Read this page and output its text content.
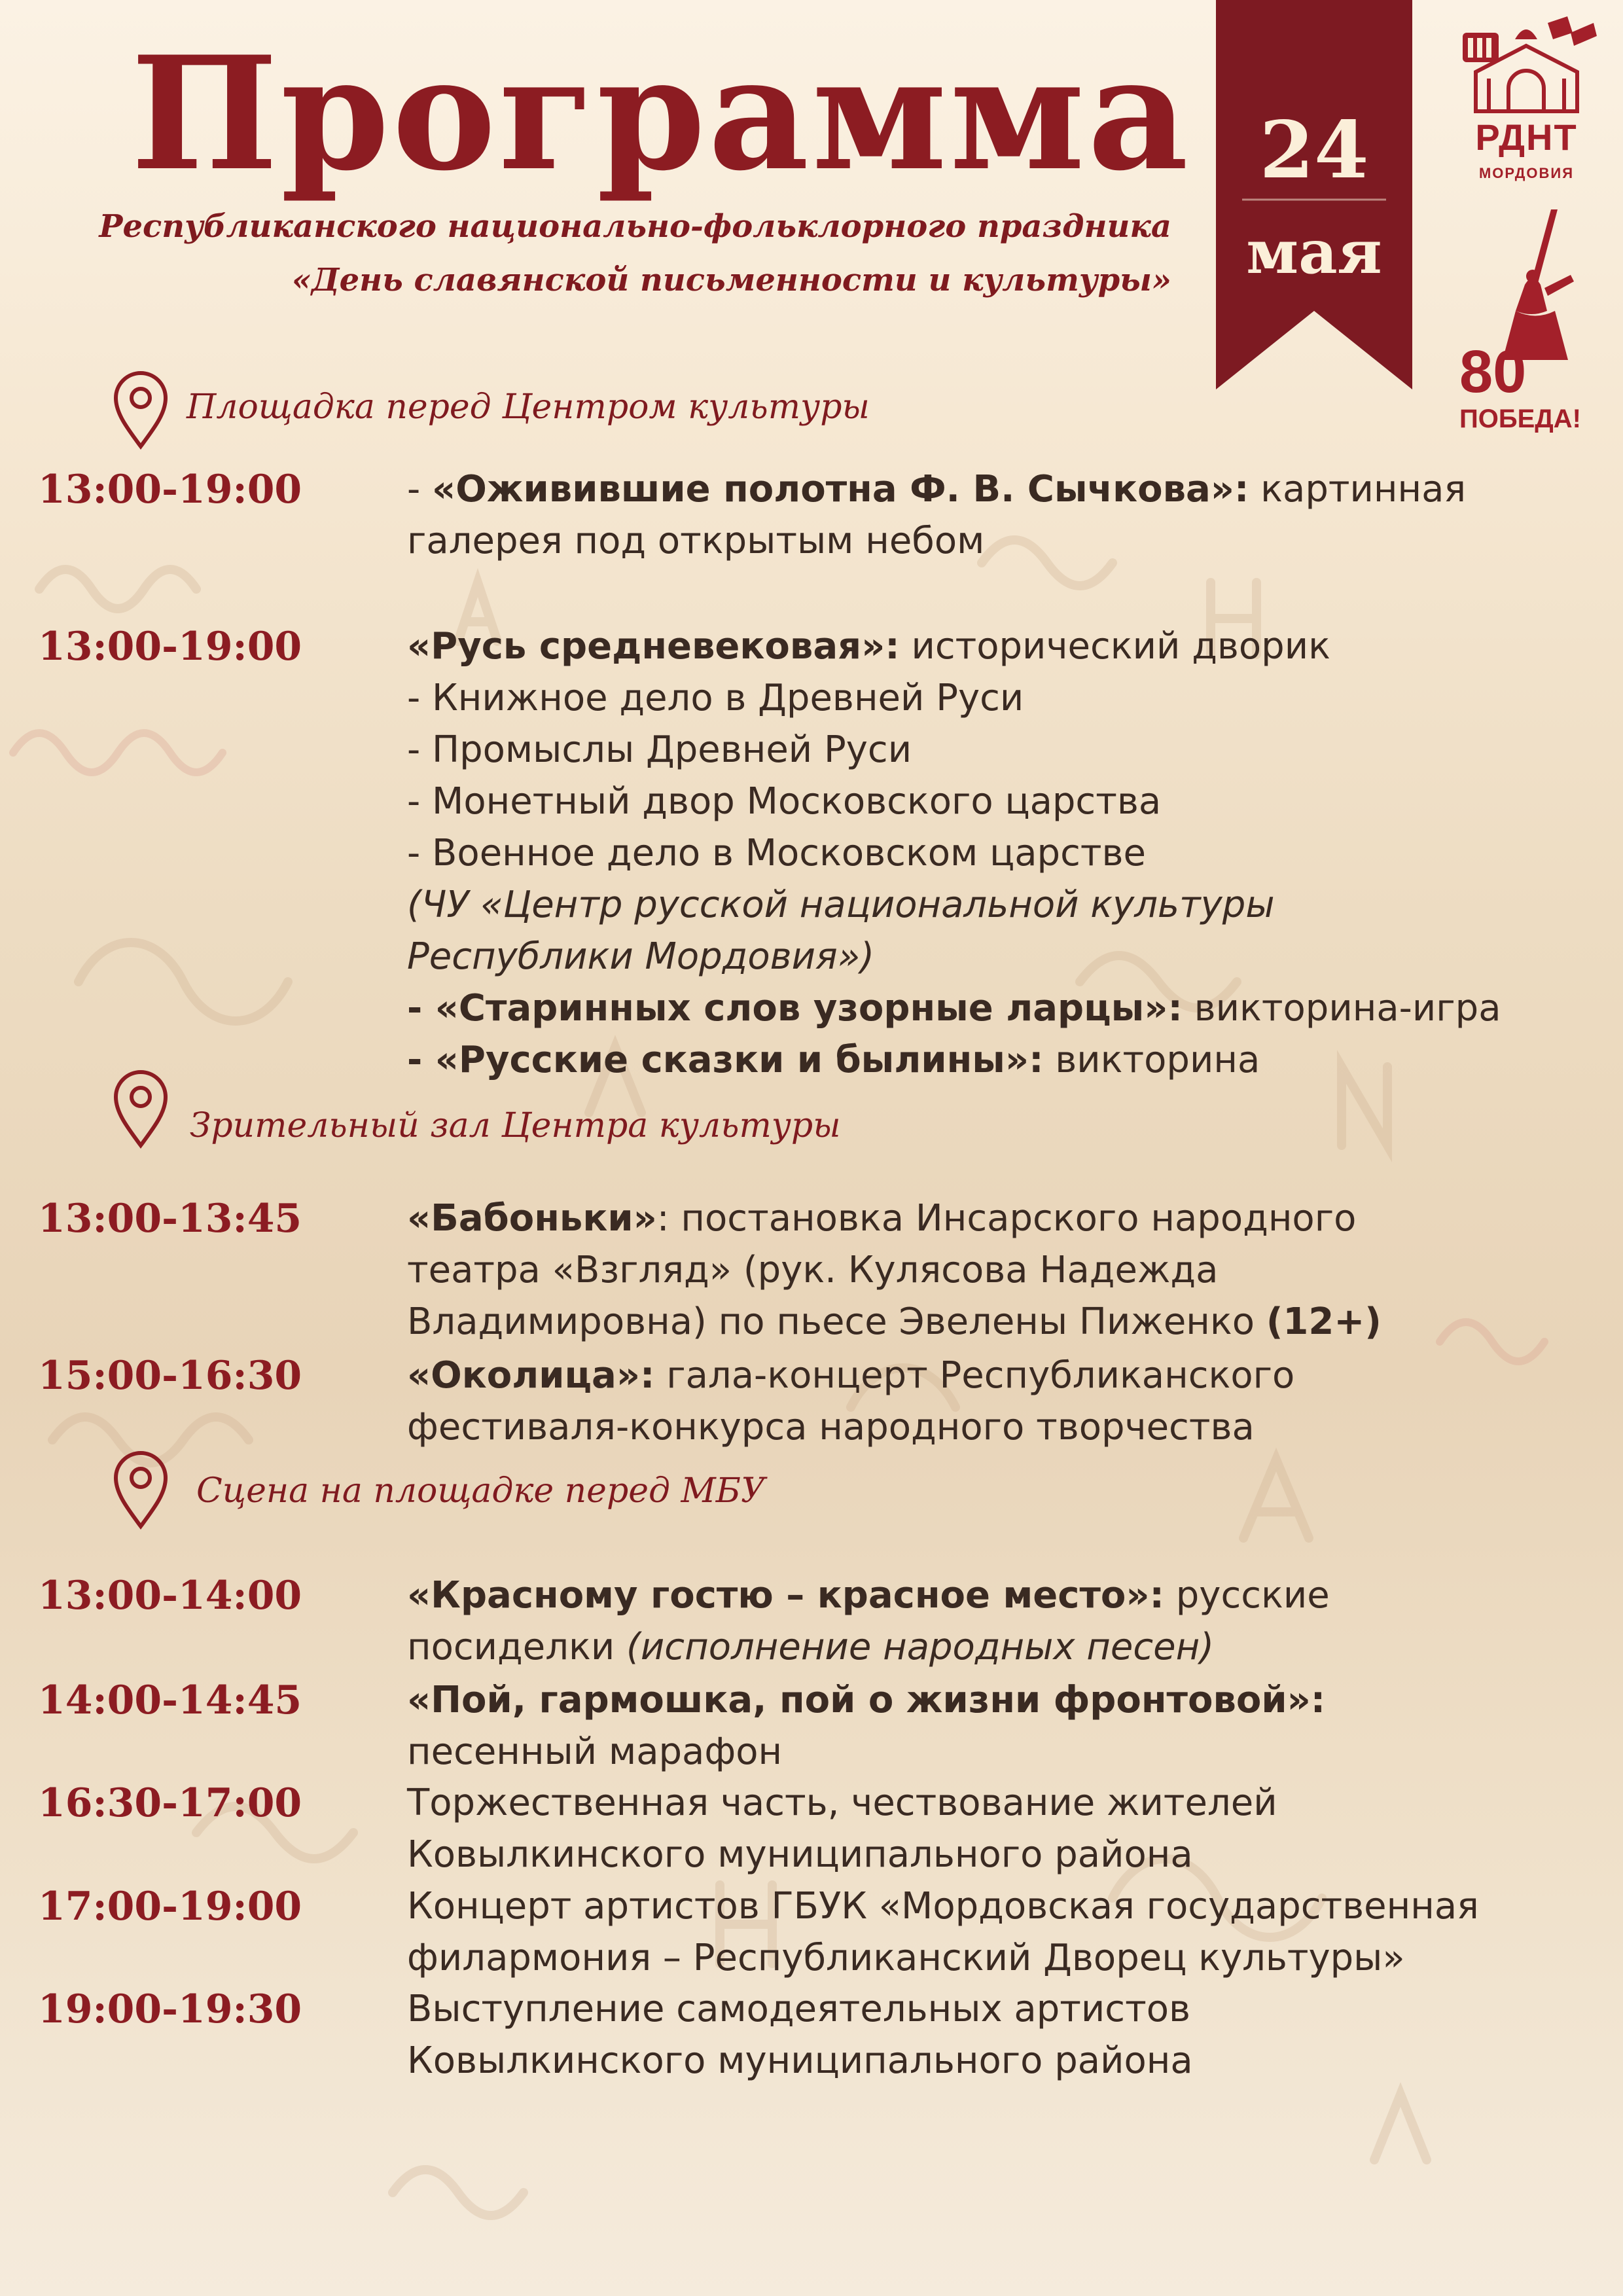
Программа
Республиканского национально-фольклорного праздника
«День славянской письменности и культуры»
24
мая
РДНТ
МОРДОВИЯ
80
ПОБЕДА!
Площадка перед Центром культуры
13:00-19:00	- «Оживившие полотна Ф. В. Сычкова»: картинная
галерея под открытым небом
13:00-19:00	«Русь средневековая»: исторический дворик
- Книжное дело в Древней Руси
- Промыслы Древней Руси
- Монетный двор Московского царства
- Военное дело в Московском царстве
(ЧУ «Центр русской национальной культуры
Республики Мордовия»)
- «Старинных слов узорные ларцы»: викторина-игра
- «Русские сказки и былины»: викторина
Зрительный зал Центра культуры
13:00-13:45	«Бабоньки»: постановка Инсарского народного
театра «Взгляд» (рук. Кулясова Надежда
Владимировна) по пьесе Эвелены Пиженко (12+)
15:00-16:30	«Околица»: гала-концерт Республиканского
фестиваля-конкурса народного творчества
Сцена на площадке перед МБУ
13:00-14:00	«Красному гостю – красное место»: русские
посиделки (исполнение народных песен)
14:00-14:45	«Пой, гармошка, пой о жизни фронтовой»:
песенный марафон
16:30-17:00	Торжественная часть, чествование жителей
Ковылкинского муниципального района
17:00-19:00	Концерт артистов ГБУК «Мордовская государственная
филармония – Республиканский Дворец культуры»
19:00-19:30	Выступление самодеятельных артистов
Ковылкинского муниципального района
